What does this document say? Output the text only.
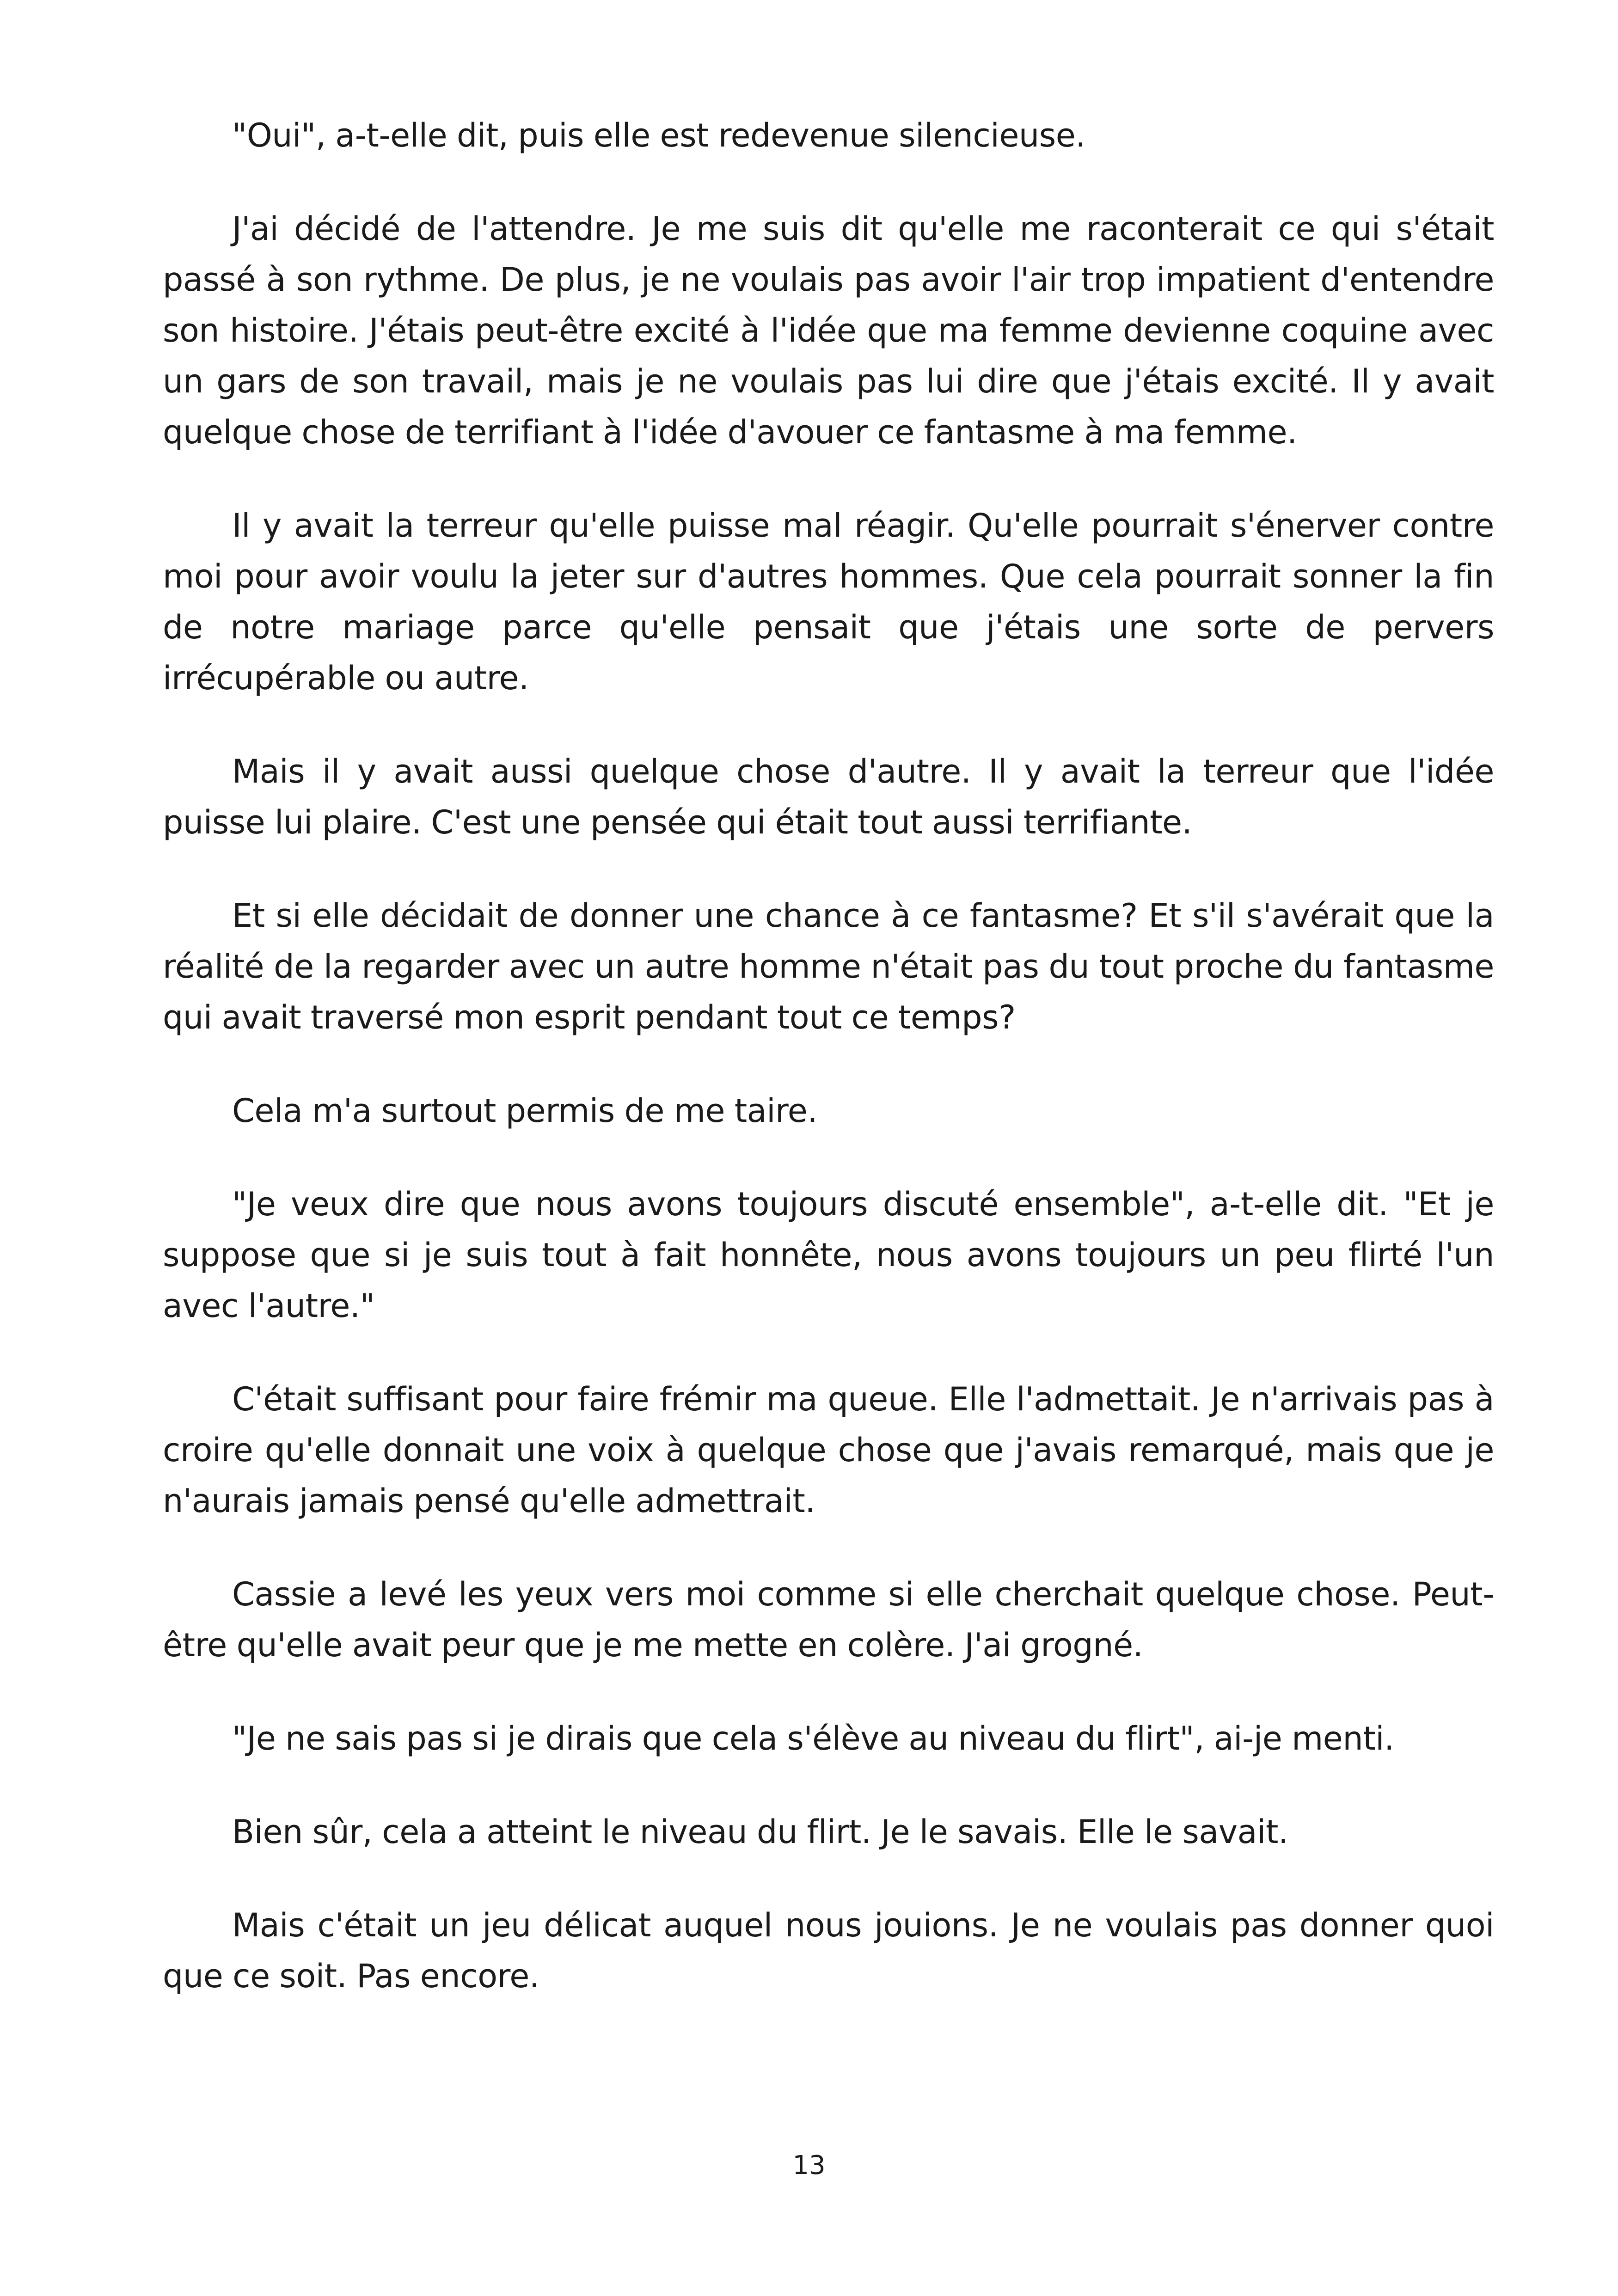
"Oui", a-t-elle dit, puis elle est redevenue silencieuse.

J'ai décidé de l'attendre. Je me suis dit qu'elle me raconterait ce qui s'était passé à son rythme. De plus, je ne voulais pas avoir l'air trop impatient d'entendre son histoire. J'étais peut-être excité à l'idée que ma femme devienne coquine avec un gars de son travail, mais je ne voulais pas lui dire que j'étais excité. Il y avait quelque chose de terrifiant à l'idée d'avouer ce fantasme à ma femme.

Il y avait la terreur qu'elle puisse mal réagir. Qu'elle pourrait s'énerver contre moi pour avoir voulu la jeter sur d'autres hommes. Que cela pourrait sonner la fin de notre mariage parce qu'elle pensait que j'étais une sorte de pervers irrécupérable ou autre.

Mais il y avait aussi quelque chose d'autre. Il y avait la terreur que l'idée puisse lui plaire. C'est une pensée qui était tout aussi terrifiante.

Et si elle décidait de donner une chance à ce fantasme? Et s'il s'avérait que la réalité de la regarder avec un autre homme n'était pas du tout proche du fantasme qui avait traversé mon esprit pendant tout ce temps?

Cela m'a surtout permis de me taire.

"Je veux dire que nous avons toujours discuté ensemble", a-t-elle dit. "Et je suppose que si je suis tout à fait honnête, nous avons toujours un peu flirté l'un avec l'autre."

C'était suffisant pour faire frémir ma queue. Elle l'admettait. Je n'arrivais pas à croire qu'elle donnait une voix à quelque chose que j'avais remarqué, mais que je n'aurais jamais pensé qu'elle admettrait.

Cassie a levé les yeux vers moi comme si elle cherchait quelque chose. Peut-être qu'elle avait peur que je me mette en colère. J'ai grogné.

"Je ne sais pas si je dirais que cela s'élève au niveau du flirt", ai-je menti.

Bien sûr, cela a atteint le niveau du flirt. Je le savais. Elle le savait.

Mais c'était un jeu délicat auquel nous jouions. Je ne voulais pas donner quoi que ce soit. Pas encore.

13
